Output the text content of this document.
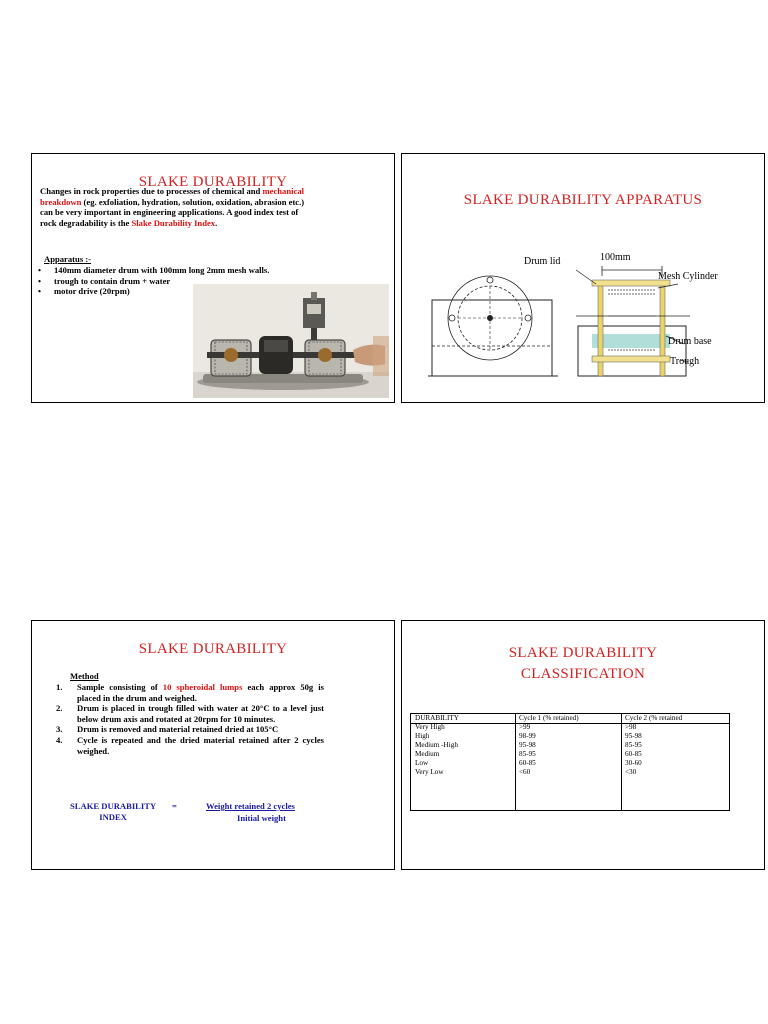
SLAKE DURABILITY
Changes in rock properties due to processes of chemical and mechanical breakdown (eg. exfoliation, hydration, solution, oxidation, abrasion etc.) can be very important in engineering applications. A good index test of rock degradability is the Slake Durability Index.
Apparatus :-
• 140mm diameter drum with 100mm long 2mm mesh walls.
• trough to contain drum + water
• motor drive (20rpm)
SLAKE DURABILITY APPARATUS
Drum lid	100mm
Mesh Cylinder
Drum base
Trough
SLAKE DURABILITY
Method
1. Sample consisting of 10 spheroidal lumps each approx 50g is placed in the drum and weighed.
2. Drum is placed in trough filled with water at 20°C to a level just below drum axis and rotated at 20rpm for 10 minutes.
3. Drum is removed and material retained dried at 105°C
4. Cycle is repeated and the dried material retained after 2 cycles weighed.
SLAKE DURABILITY
INDEX
=	Weight retained 2 cycles
Initial weight
SLAKE DURABILITY
CLASSIFICATION
DURABILITY	Cycle 1 (% retained)	Cycle 2 (% retained
Very High	>99	>98
High	98-99	95-98
Medium -High	95-98	85-95
Medium	85-95	60-85
Low	60-85	30-60
Very Low	<60	<30
